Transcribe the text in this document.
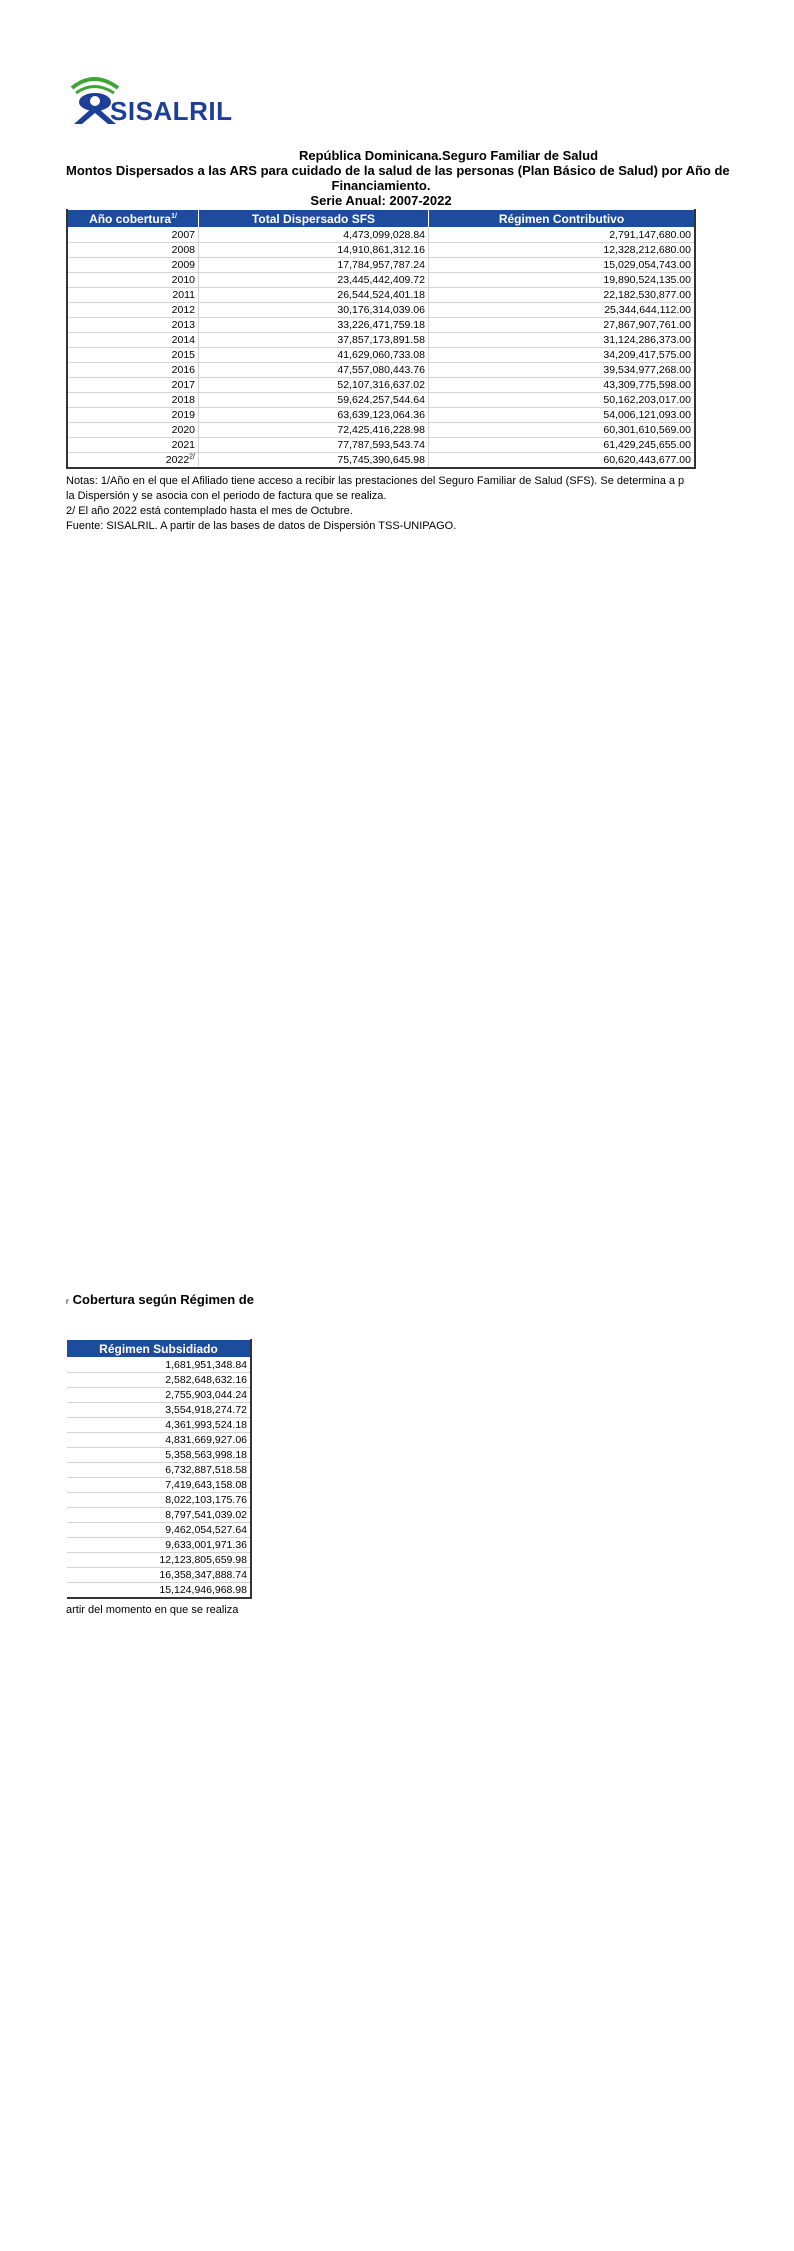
SISALRIL
República Dominicana.Seguro Familiar de Salud
Montos Dispersados a las ARS para cuidado de la salud de las personas (Plan Básico de Salud) por Año de
Financiamiento.
Serie Anual: 2007-2022
Año cobertura$^{1/}$	Total Dispersado SFS	Régimen Contributivo
2007	4,473,099,028.84	2,791,147,680.00
2008	14,910,861,312.16	12,328,212,680.00
2009	17,784,957,787.24	15,029,054,743.00
2010	23,445,442,409.72	19,890,524,135.00
2011	26,544,524,401.18	22,182,530,877.00
2012	30,176,314,039.06	25,344,644,112.00
2013	33,226,471,759.18	27,867,907,761.00
2014	37,857,173,891.58	31,124,286,373.00
2015	41,629,060,733.08	34,209,417,575.00
2016	47,557,080,443.76	39,534,977,268.00
2017	52,107,316,637.02	43,309,775,598.00
2018	59,624,257,544.64	50,162,203,017.00
2019	63,639,123,064.36	54,006,121,093.00
2020	72,425,416,228.98	60,301,610,569.00
2021	77,787,593,543.74	61,429,245,655.00
$2022^{2/}$	75,745,390,645.98	60,620,443,677.00
Notas: 1/Año en el que el Afiliado tiene acceso a recibir las prestaciones del Seguro Familiar de Salud (SFS). Se determina a p
la Dispersión y se asocia con el periodo de factura que se realiza.
2/ El año 2022 está contemplado hasta el mes de Octubre.
Fuente: SISALRIL. A partir de las bases de datos de Dispersión TSS-UNIPAGO.
r Cobertura según Régimen de
Régimen Subsidiado
1,681,951,348.84
2,582,648,632.16
2,755,903,044.24
3,554,918,274.72
4,361,993,524.18
4,831,669,927.06
5,358,563,998.18
6,732,887,518.58
7,419,643,158.08
8,022,103,175.76
8,797,541,039.02
9,462,054,527.64
9,633,001,971.36
12,123,805,659.98
16,358,347,888.74
15,124,946,968.98
artir del momento en que se realiza
